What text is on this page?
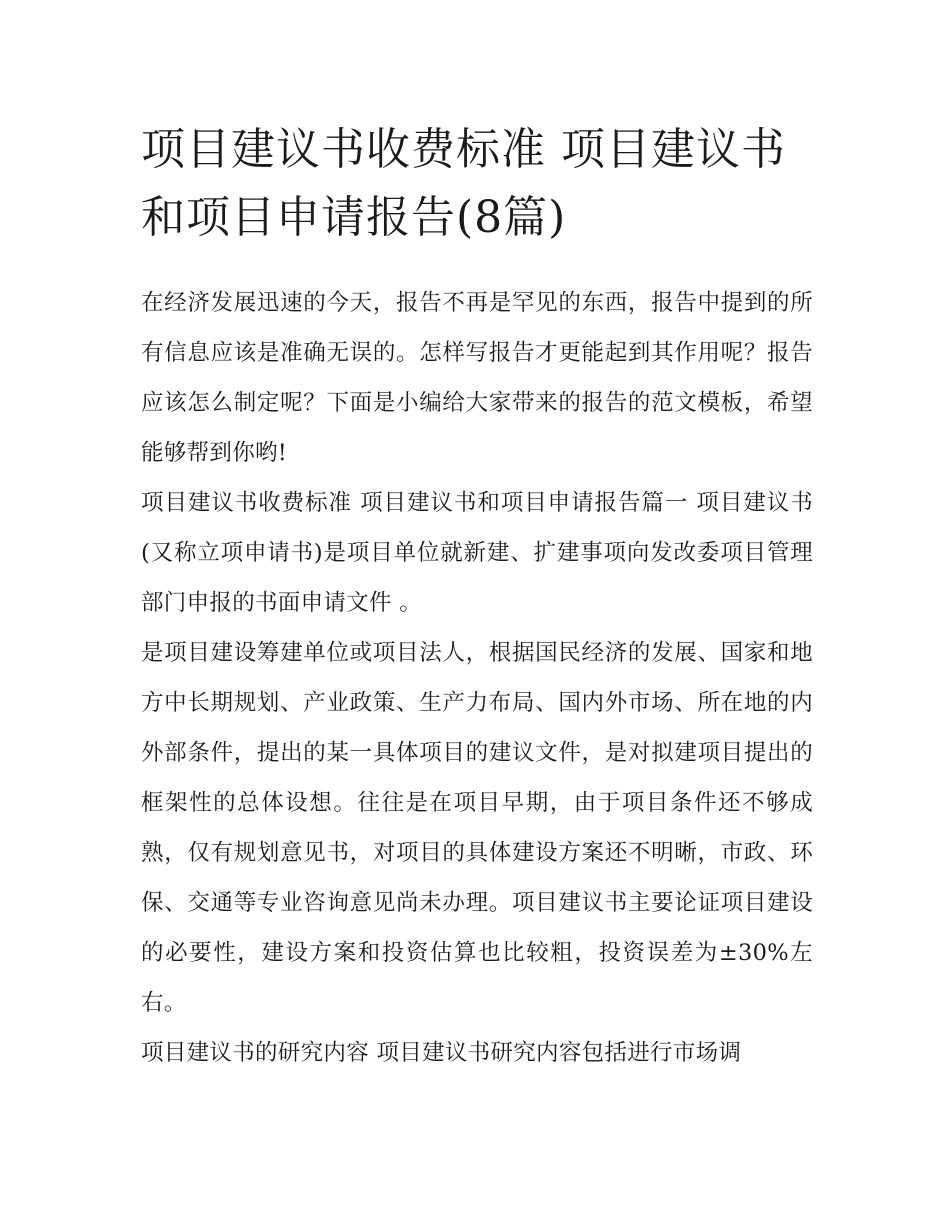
项目建议书收费标准 项目建议书和项目申请报告(8篇)

在经济发展迅速的今天，报告不再是罕见的东西，报告中提到的所有信息应该是准确无误的。怎样写报告才更能起到其作用呢？报告应该怎么制定呢？下面是小编给大家带来的报告的范文模板，希望能够帮到你哟!

项目建议书收费标准 项目建议书和项目申请报告篇一 项目建议书(又称立项申请书)是项目单位就新建、扩建事项向发改委项目管理部门申报的书面申请文件 。

是项目建设筹建单位或项目法人，根据国民经济的发展、国家和地方中长期规划、产业政策、生产力布局、国内外市场、所在地的内外部条件，提出的某一具体项目的建议文件，是对拟建项目提出的框架性的总体设想。往往是在项目早期，由于项目条件还不够成熟，仅有规划意见书，对项目的具体建设方案还不明晰，市政、环保、交通等专业咨询意见尚未办理。项目建议书主要论证项目建设的必要性，建设方案和投资估算也比较粗，投资误差为±30%左右。

项目建议书的研究内容 项目建议书研究内容包括进行市场调
